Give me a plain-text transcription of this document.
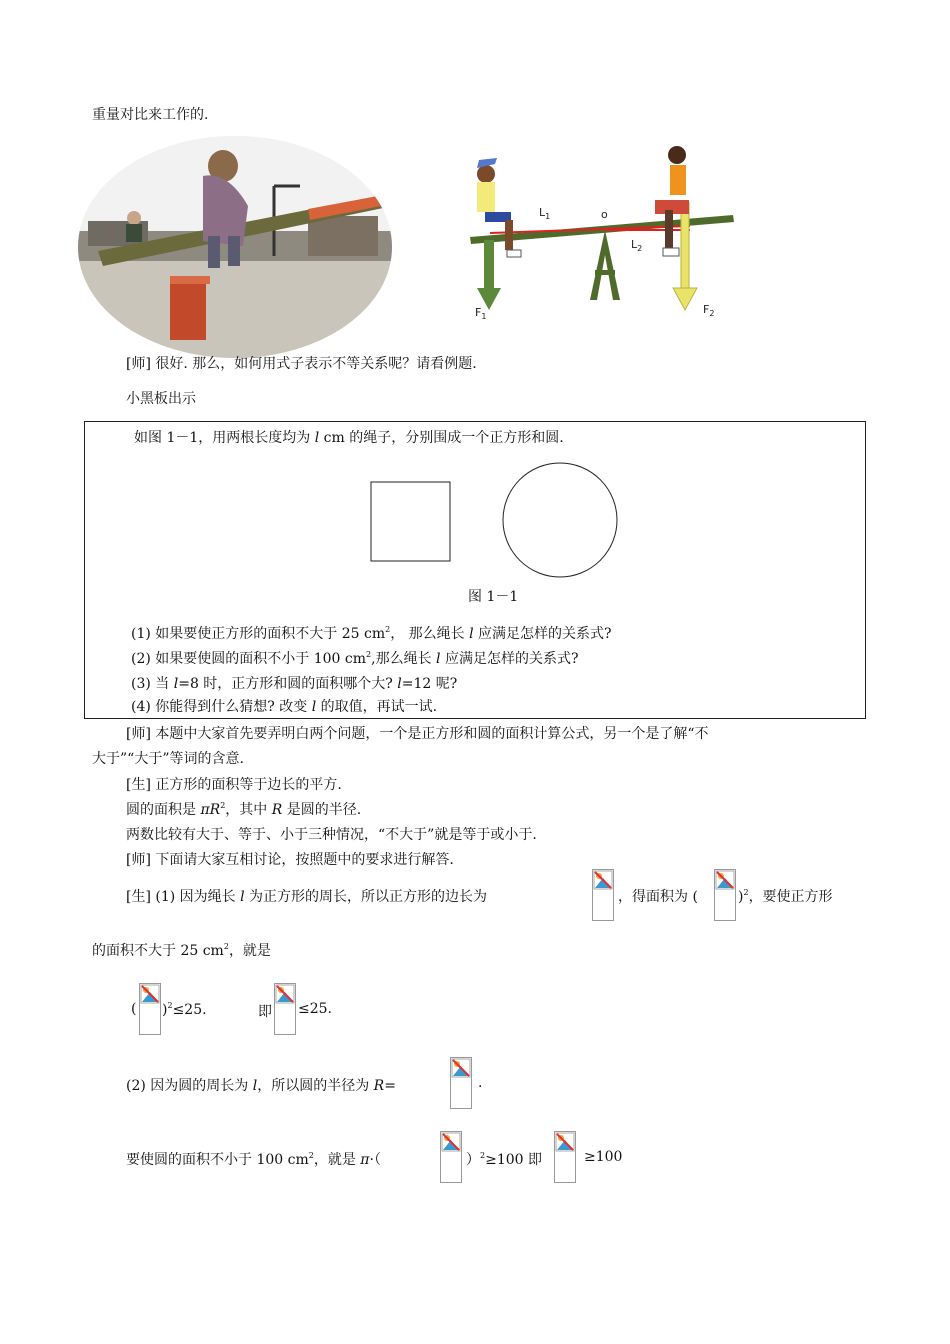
重量对比来工作的.
$L_1$	o
$L_2$
$F_1$
$F_2$
[师] 很好. 那么，如何用式子表示不等关系呢？请看例题.
小黑板出示
如图 1－1，用两根长度均为 l cm 的绳子，分别围成一个正方形和圆.
图 1－1
(1) 如果要使正方形的面积不大于 25 $cm^2$， 那么绳长 l 应满足怎样的关系式?
(2) 如果要使圆的面积不小于 100 $cm^2$,那么绳长 l 应满足怎样的关系式?
(3) 当 l=8 时，正方形和圆的面积哪个大? l=12 呢?
(4) 你能得到什么猜想? 改变 l 的取值，再试一试.
[师] 本题中大家首先要弄明白两个问题，一个是正方形和圆的面积计算公式，另一个是了解“不
大于”“大于”等词的含意.
[生] 正方形的面积等于边长的平方.
圆的面积是 $\pi R^2$，其中 R 是圆的半径.
两数比较有大于、等于、小于三种情况，“不大于”就是等于或小于.
[师] 下面请大家互相讨论，按照题中的要求进行解答.
[生] (1) 因为绳长 l 为正方形的周长，所以正方形的边长为	，得面积为 (	)$^2$，要使正方形
的面积不大于 25 $cm^2$，就是
( )$^2$≤25.	即 ≤25.
(2) 因为圆的周长为 l，所以圆的半径为 R=	.
要使圆的面积不小于 100 $cm^2$，就是 π·（	）$^2$≥100 即	≥100
